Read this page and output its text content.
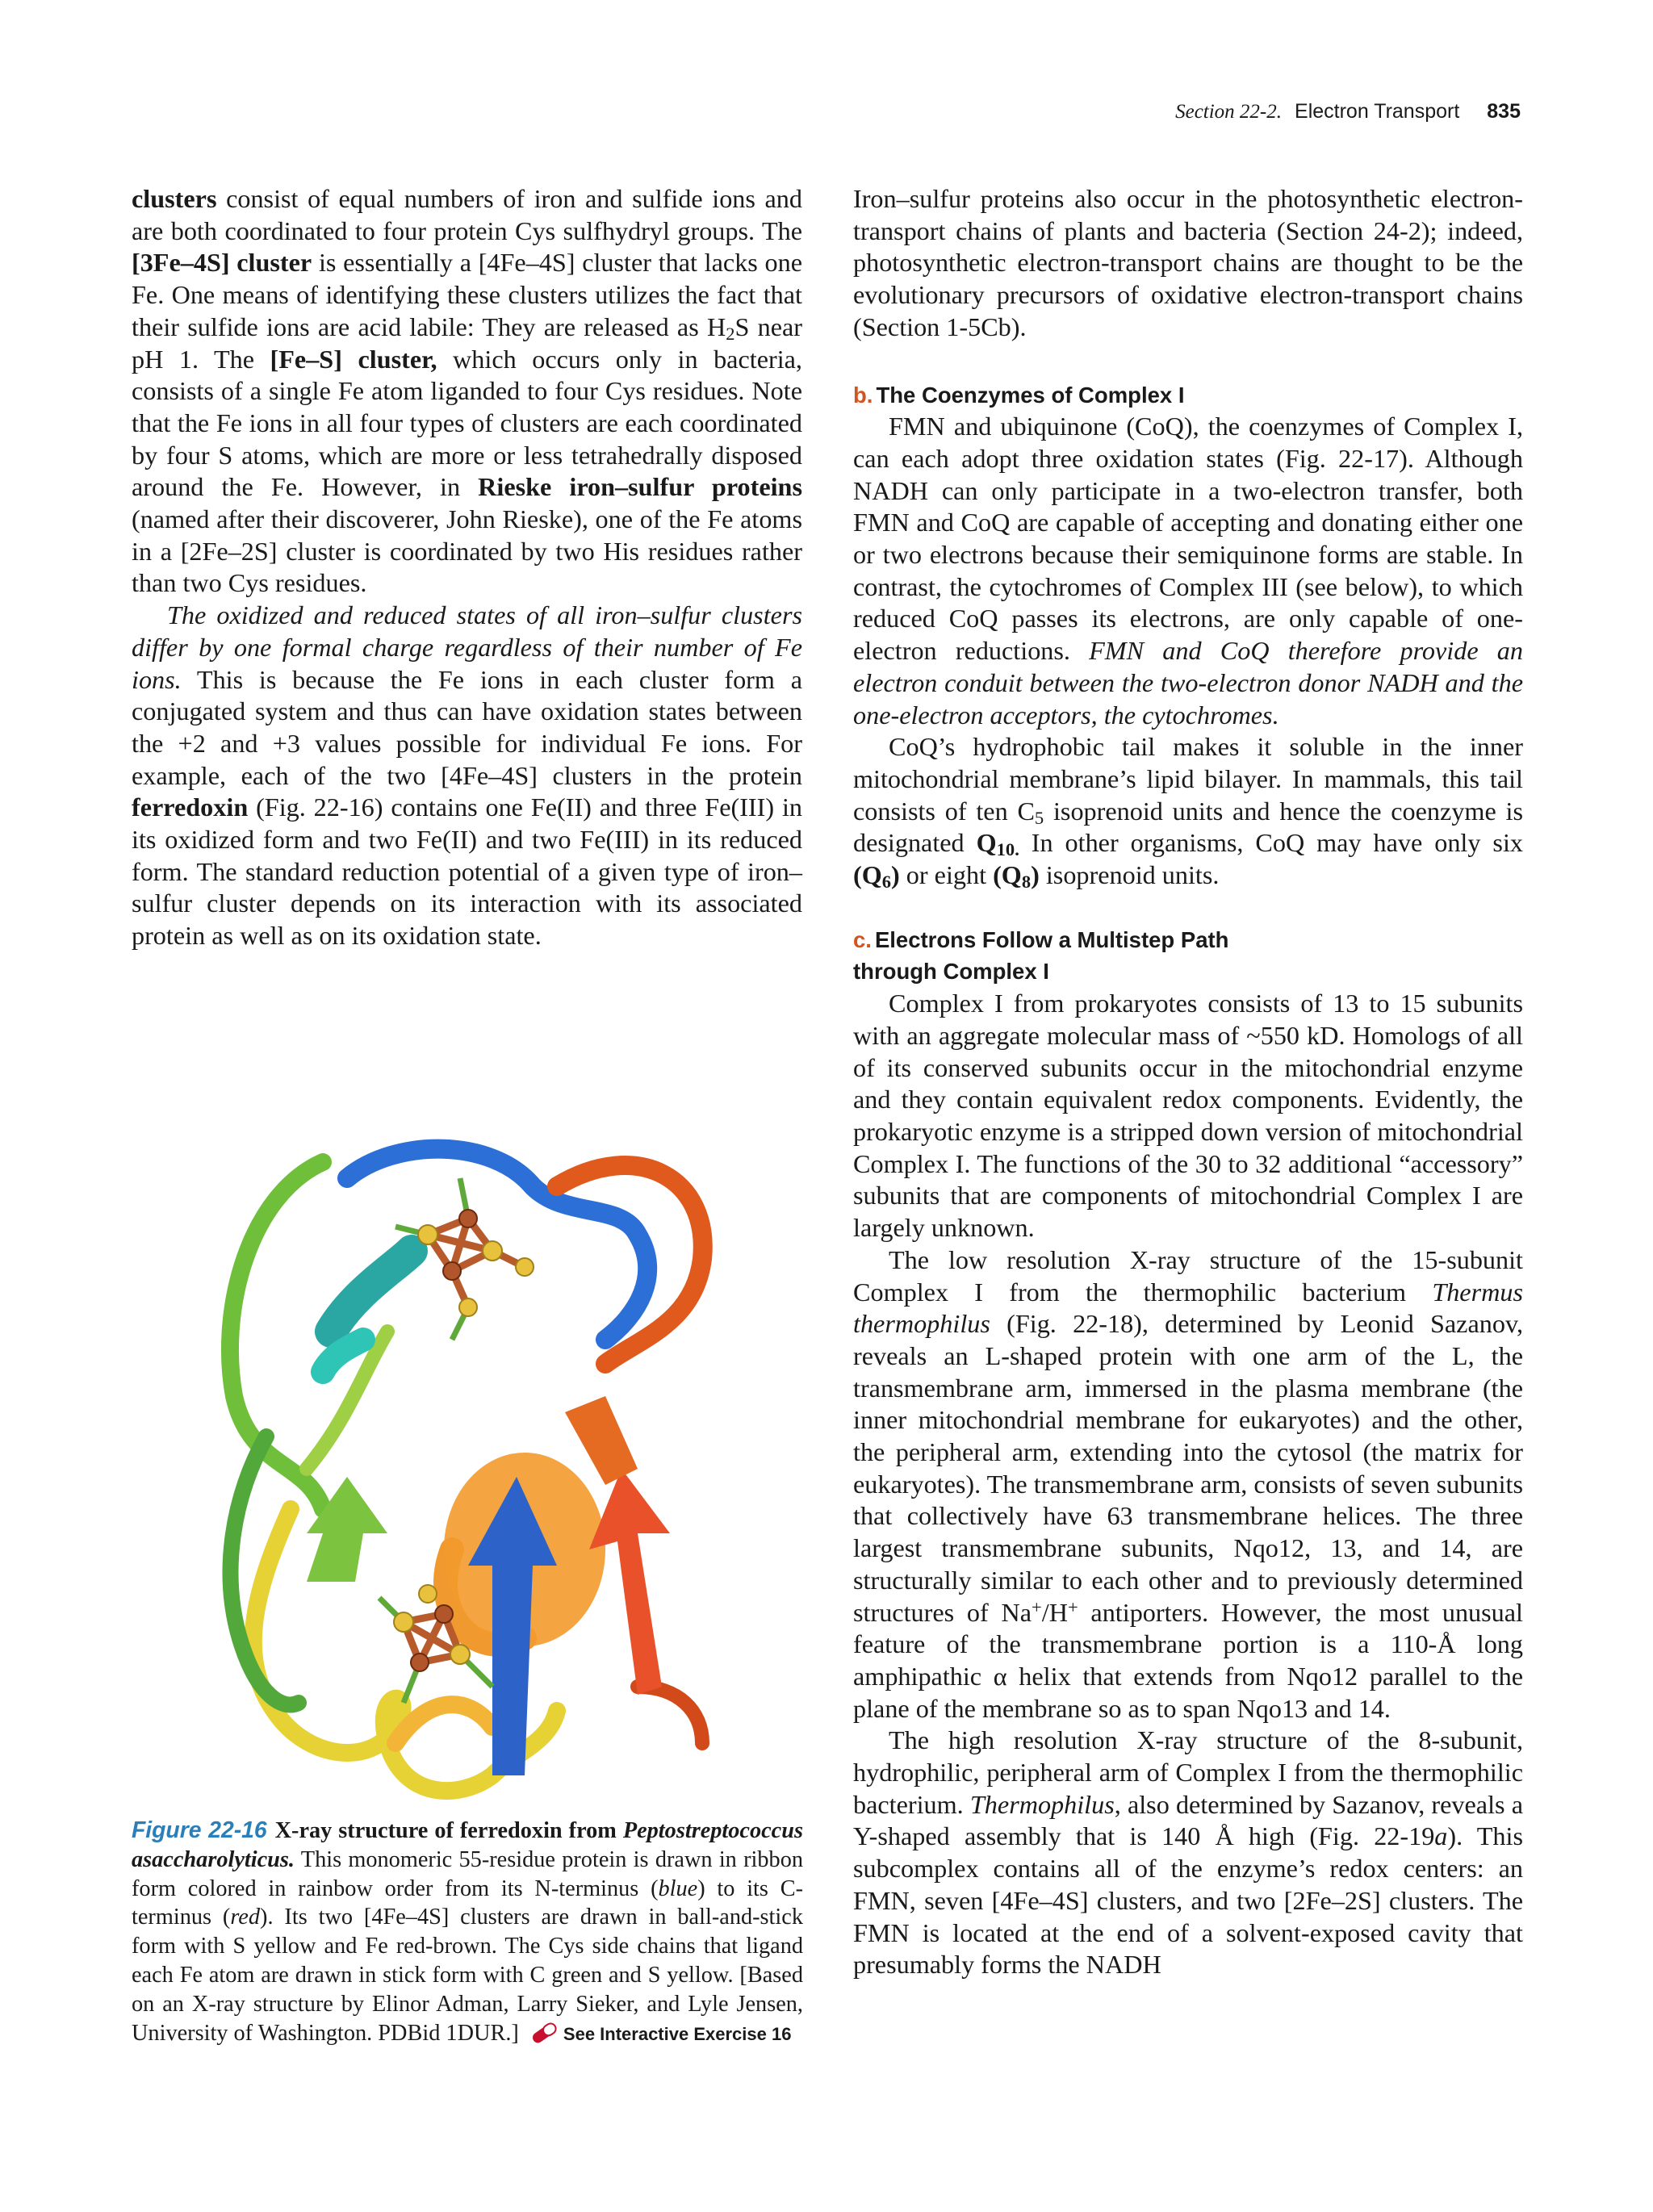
Section 22-2. Electron Transport 835

clusters consist of equal numbers of iron and sulfide ions and are both coordinated to four protein Cys sulfhydryl groups. The [3Fe–4S] cluster is essentially a [4Fe–4S] cluster that lacks one Fe. One means of identifying these clusters utilizes the fact that their sulfide ions are acid labile: They are released as $H_2S$ near pH 1. The [Fe–S] cluster, which occurs only in bacteria, consists of a single Fe atom liganded to four Cys residues. Note that the Fe ions in all four types of clusters are each coordinated by four S atoms, which are more or less tetrahedrally disposed around the Fe. However, in Rieske iron–sulfur proteins (named after their discoverer, John Rieske), one of the Fe atoms in a [2Fe–2S] cluster is coordinated by two His residues rather than two Cys residues.

The oxidized and reduced states of all iron–sulfur clusters differ by one formal charge regardless of their number of Fe ions. This is because the Fe ions in each cluster form a conjugated system and thus can have oxidation states between the +2 and +3 values possible for individual Fe ions. For example, each of the two [4Fe–4S] clusters in the protein ferredoxin (Fig. 22-16) contains one Fe(II) and three Fe(III) in its oxidized form and two Fe(II) and two Fe(III) in its reduced form. The standard reduction potential of a given type of iron–sulfur cluster depends on its interaction with its associated protein as well as on its oxidation state.

Figure 22-16 X-ray structure of ferredoxin from Peptostreptococcus asaccharolyticus. This monomeric 55-residue protein is drawn in ribbon form colored in rainbow order from its N-terminus (blue) to its C-terminus (red). Its two [4Fe–4S] clusters are drawn in ball-and-stick form with S yellow and Fe red-brown. The Cys side chains that ligand each Fe atom are drawn in stick form with C green and S yellow. [Based on an X-ray structure by Elinor Adman, Larry Sieker, and Lyle Jensen, University of Washington. PDBid 1DUR.]	See Interactive Exercise 16

Iron–sulfur proteins also occur in the photosynthetic electron-transport chains of plants and bacteria (Section 24-2); indeed, photosynthetic electron-transport chains are thought to be the evolutionary precursors of oxidative electron-transport chains (Section 1-5Cb).

b. The Coenzymes of Complex I

FMN and ubiquinone (CoQ), the coenzymes of Complex I, can each adopt three oxidation states (Fig. 22-17). Although NADH can only participate in a two-electron transfer, both FMN and CoQ are capable of accepting and donating either one or two electrons because their semiquinone forms are stable. In contrast, the cytochromes of Complex III (see below), to which reduced CoQ passes its electrons, are only capable of one-electron reductions. FMN and CoQ therefore provide an electron conduit between the two-electron donor NADH and the one-electron acceptors, the cytochromes.

CoQ’s hydrophobic tail makes it soluble in the inner mitochondrial membrane’s lipid bilayer. In mammals, this tail consists of ten $C_5$ isoprenoid units and hence the coenzyme is designated $Q_{10.}$ In other organisms, CoQ may have only six $(Q_6)$ or eight $(Q_8)$ isoprenoid units.

c. Electrons Follow a Multistep Path
through Complex I

Complex I from prokaryotes consists of 13 to 15 subunits with an aggregate molecular mass of ~550 kD. Homologs of all of its conserved subunits occur in the mitochondrial enzyme and they contain equivalent redox components. Evidently, the prokaryotic enzyme is a stripped down version of mitochondrial Complex I. The functions of the 30 to 32 additional “accessory” subunits that are components of mitochondrial Complex I are largely unknown.

The low resolution X-ray structure of the 15-subunit Complex I from the thermophilic bacterium Thermus thermophilus (Fig. 22-18), determined by Leonid Sazanov, reveals an L-shaped protein with one arm of the L, the transmembrane arm, immersed in the plasma membrane (the inner mitochondrial membrane for eukaryotes) and the other, the peripheral arm, extending into the cytosol (the matrix for eukaryotes). The transmembrane arm, consists of seven subunits that collectively have 63 transmembrane helices. The three largest transmembrane subunits, Nqo12, 13, and 14, are structurally similar to each other and to previously determined structures of Na+/H+ antiporters. However, the most unusual feature of the transmembrane portion is a 110-Å long amphipathic α helix that extends from Nqo12 parallel to the plane of the membrane so as to span Nqo13 and 14.

The high resolution X-ray structure of the 8-subunit, hydrophilic, peripheral arm of Complex I from the thermophilic bacterium. Thermophilus, also determined by Sazanov, reveals a Y-shaped assembly that is 140 Å high (Fig. 22-19a). This subcomplex contains all of the enzyme’s redox centers: an FMN, seven [4Fe–4S] clusters, and two [2Fe–2S] clusters. The FMN is located at the end of a solvent-exposed cavity that presumably forms the NADH
